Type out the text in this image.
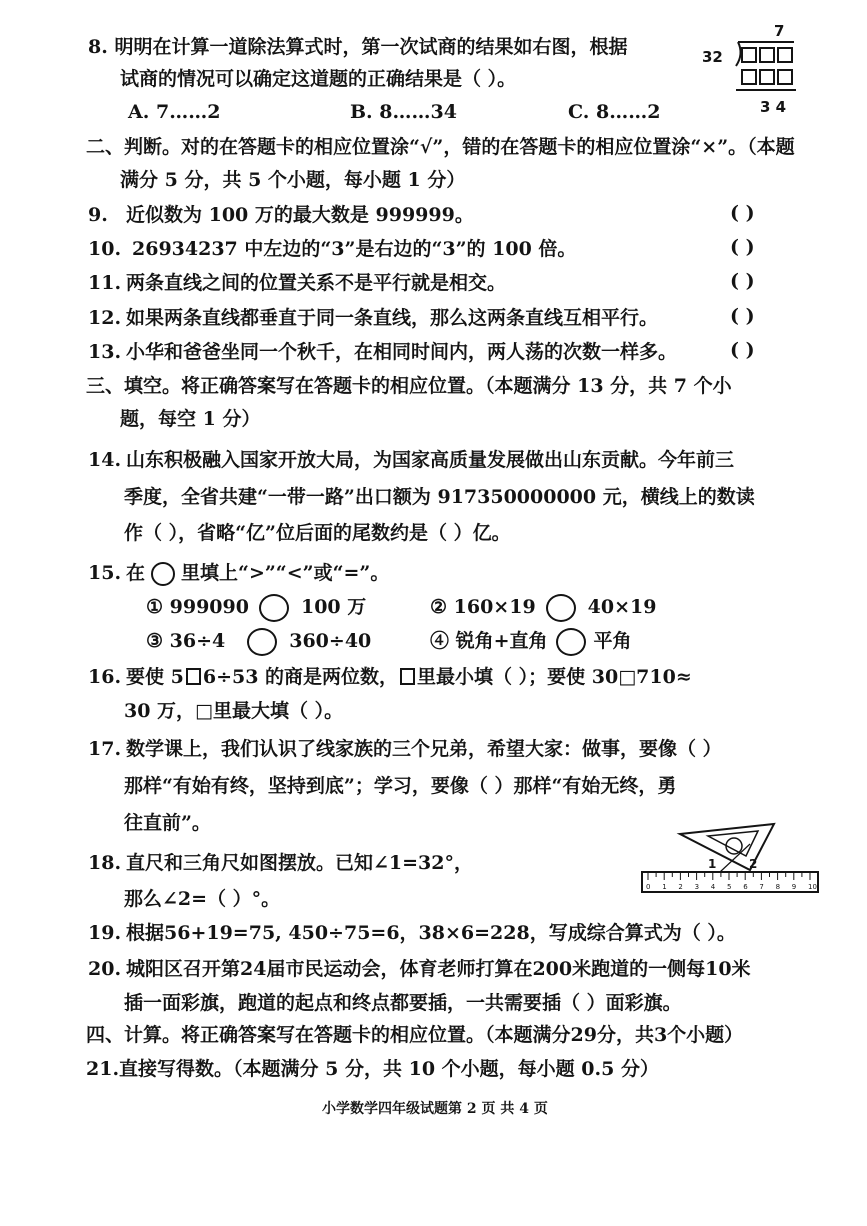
8. 明明在计算一道除法算式时，第一次试商的结果如右图，根据
试商的情况可以确定这道题的正确结果是（ ）。
A. 7……2	B. 8……34	C. 8……2
7
32
3 4
二、判断。对的在答题卡的相应位置涂“√”，错的在答题卡的相应位置涂“×”。（本题
满分 5 分，共 5 个小题，每小题 1 分）
9. 近似数为 100 万的最大数是 999999。	( )
10. 26934237 中左边的“3”是右边的“3”的 100 倍。	( )
11. 两条直线之间的位置关系不是平行就是相交。	( )
12. 如果两条直线都垂直于同一条直线，那么这两条直线互相平行。	( )
13. 小华和爸爸坐同一个秋千，在相同时间内，两人荡的次数一样多。	( )
三、填空。将正确答案写在答题卡的相应位置。（本题满分 13 分，共 7 个小
题，每空 1 分）
14. 山东积极融入国家开放大局，为国家高质量发展做出山东贡献。今年前三
季度，全省共建“一带一路”出口额为 917350000000 元，横线上的数读
作（ ），省略“亿”位后面的尾数约是（ ）亿。
15. 在 里填上“>”“<”或“=”。
① 999090	100 万	② 160×19	40×19
③ 36÷4	360÷40	④ 锐角+直角 平角
16. 要使 5 6÷53 的商是两位数， 里最小填（ ）；要使 30□710≈
30 万，□里最大填（ ）。
17. 数学课上，我们认识了线家族的三个兄弟，希望大家：做事，要像（ ）
那样“有始有终，坚持到底”；学习，要像（ ）那样“有始无终，勇
往直前”。
18. 直尺和三角尺如图摆放。已知∠1=32°，
那么∠2=（ ）°。
1	2
0 1 2 3 4 5 6 7 8 9 10
19. 根据56+19=75, 450÷75=6，38×6=228，写成综合算式为（ ）。
20. 城阳区召开第24届市民运动会，体育老师打算在200米跑道的一侧每10米
插一面彩旗，跑道的起点和终点都要插，一共需要插（ ）面彩旗。
四、计算。将正确答案写在答题卡的相应位置。（本题满分29分，共3个小题）
21.直接写得数。（本题满分 5 分，共 10 个小题，每小题 0.5 分）
小学数学四年级试题第 2 页 共 4 页
